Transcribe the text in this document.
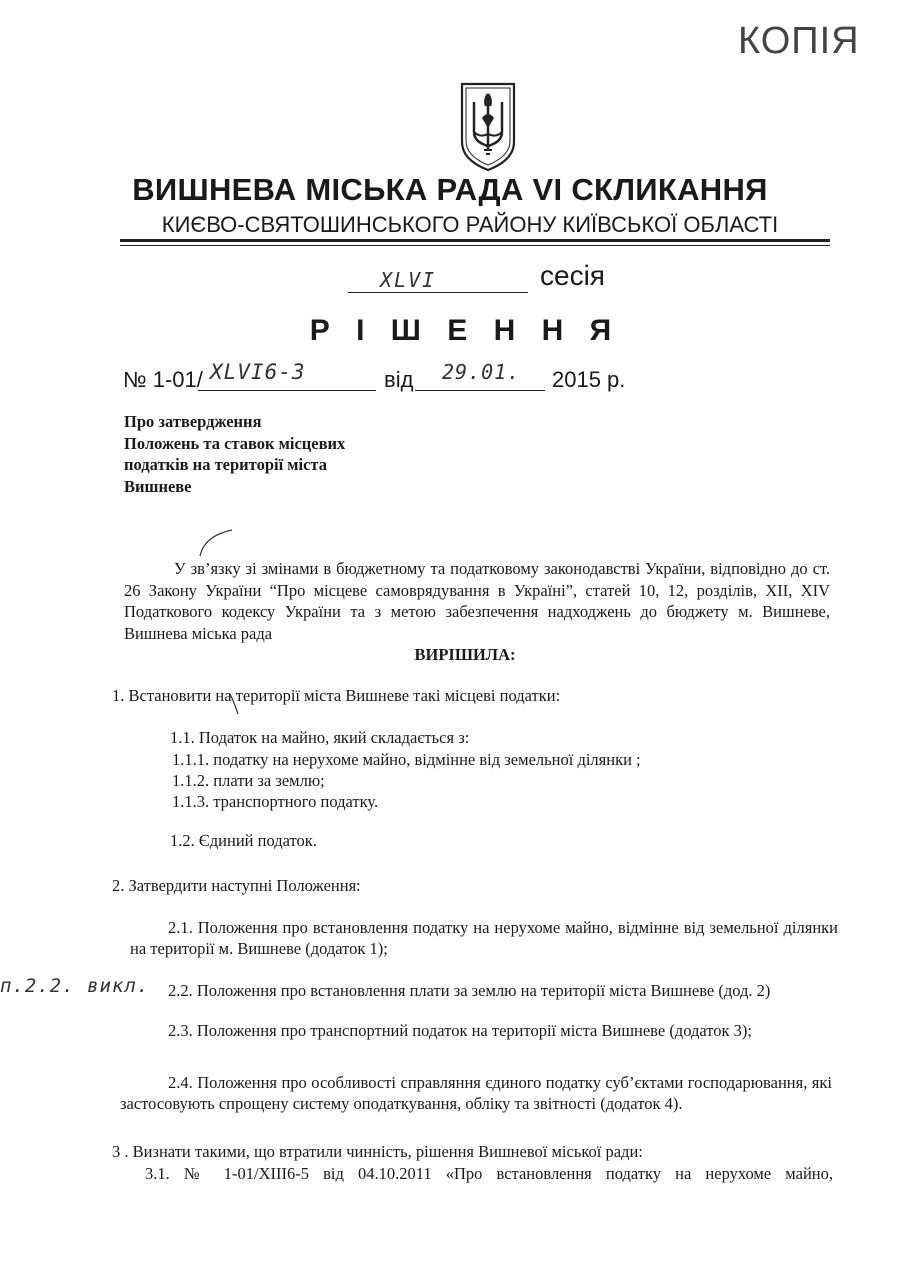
КОПІЯ
ВИШНЕВА МІСЬКА РАДА VI СКЛИКАННЯ
КИЄВО-СВЯТОШИНСЬКОГО РАЙОНУ КИЇВСЬКОЇ ОБЛАСТІ
XLVI	сесія
Р І Ш Е Н Н Я
№ 1-01/ XLVI6-3	від 29.01. 2015 р.
Про затвердження
Положень та ставок місцевих
податків на території міста
Вишневе
У зв’язку зі змінами в бюджетному та податковому законодавстві України, відповідно до ст. 26 Закону України “Про місцеве самоврядування в Україні”, статей 10, 12, розділів, XII, XIV Податкового кодексу України та з метою забезпечення надходжень до бюджету м. Вишневе, Вишнева міська рада
ВИРІШИЛА:
1. Встановити на території міста Вишневе такі місцеві податки:
1.1. Податок на майно, який складається з:
1.1.1. податку на нерухоме майно, відмінне від земельної ділянки ;
1.1.2. плати за землю;
1.1.3. транспортного податку.
1.2. Єдиний податок.
2. Затвердити наступні Положення:
2.1. Положення про встановлення податку на нерухоме майно, відмінне від земельної ділянки на території м. Вишневе (додаток 1);
п.2.2. викл. 2.2. Положення про встановлення плати за землю на території міста Вишневе (дод. 2)
2.3. Положення про транспортний податок на території міста Вишневе (додаток 3);
2.4. Положення про особливості справляння єдиного податку суб’єктами господарювання, які застосовують спрощену систему оподаткування, обліку та звітності (додаток 4).
3 . Визнати такими, що втратили чинність, рішення Вишневої міської ради:
3.1. № 1-01/XIII6-5 від 04.10.2011 «Про встановлення податку на нерухоме майно,
